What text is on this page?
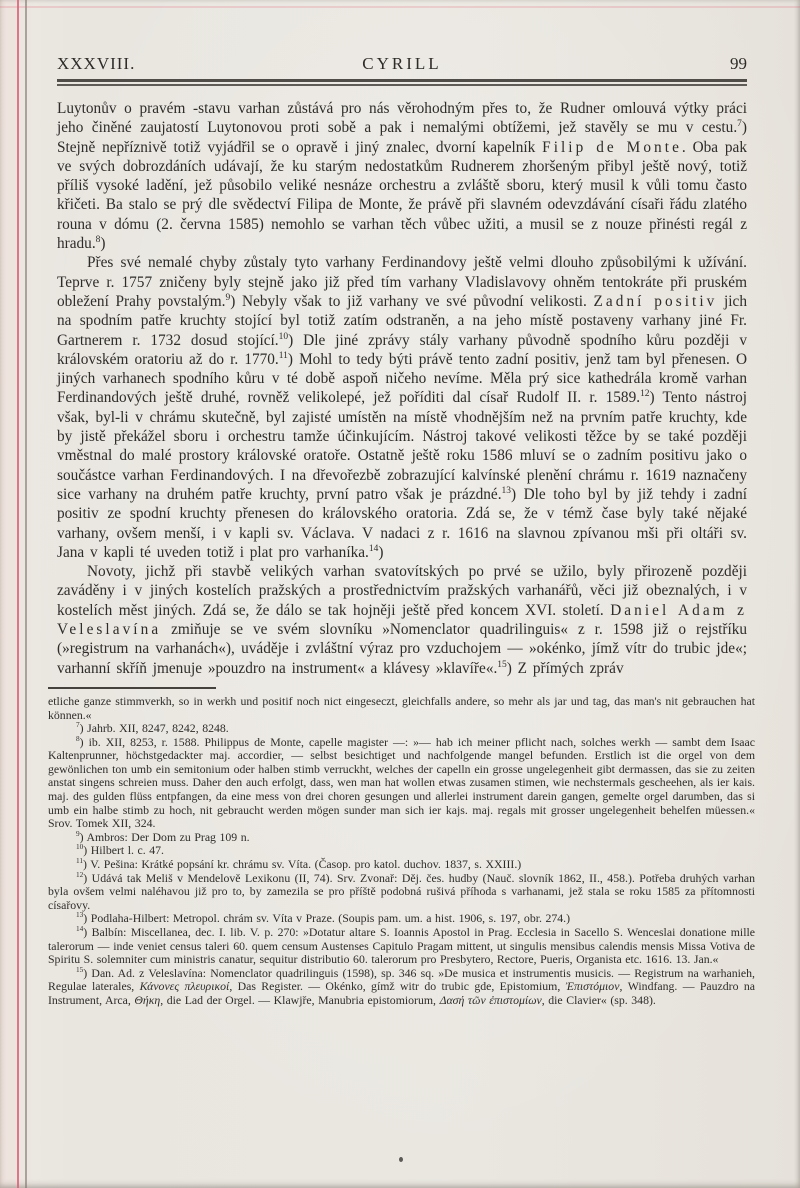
XXXVIII.	CYRILL	99

Luytonův o pravém -stavu varhan zůstává pro nás věrohodným přes to, že Rudner omlouvá výtky práci jeho činěné zaujatostí Luytonovou proti sobě a pak i nemalými obtížemi, jež stavěly se mu v cestu.$^7$) Stejně nepříznivě totiž vyjádřil se o opravě i jiný znalec, dvorní kapelník Filip de Monte. Oba pak ve svých dobrozdáních udávají, že ku starým nedostatkům Rudnerem zhoršeným přibyl ještě nový, totiž příliš vysoké ladění, jež působilo veliké nesnáze orchestru a zvláště sboru, který musil k vůli tomu často křičeti. Ba stalo se prý dle svědectví Filipa de Monte, že právě při slavném odevzdávání císaři řádu zlatého rouna v dómu (2. června 1585) nemohlo se varhan těch vůbec užiti, a musil se z nouze přinésti regál z hradu.$^8$)

Přes své nemalé chyby zůstaly tyto varhany Ferdinandovy ještě velmi dlouho způsobilými k užívání. Teprve r. 1757 zničeny byly stejně jako již před tím varhany Vladislavovy ohněm tentokráte při pruském obležení Prahy povstalým.$^9$) Nebyly však to již varhany ve své původní velikosti. Zadní positiv jich na spodním patře kruchty stojící byl totiž zatím odstraněn, a na jeho místě postaveny varhany jiné Fr. Gartnerem r. 1732 dosud stojící.$^{10}$) Dle jiné zprávy stály varhany původně spodního kůru později v královském oratoriu až do r. 1770.11) Mohl to tedy býti právě tento zadní positiv, jenž tam byl přenesen. O jiných varhanech spodního kůru v té době aspoň ničeho nevíme. Měla prý sice kathedrála kromě varhan Ferdinandových ještě druhé, rovněž velikolepé, jež poříditi dal císař Rudolf II. r. 1589.12) Tento nástroj však, byl-li v chrámu skutečně, byl zajisté umístěn na místě vhodnějším než na prvním patře kruchty, kde by jistě překážel sboru i orchestru tamže účinkujícím. Nástroj takové velikosti těžce by se také později vměstnal do malé prostory královské oratoře. Ostatně ještě roku 1586 mluví se o zadním positivu jako o součástce varhan Ferdinandových. I na dřevořezbě zobrazující kalvínské plenění chrámu r. 1619 naznačeny sice varhany na druhém patře kruchty, první patro však je prázdné.$^{13}$) Dle toho byl by již tehdy i zadní positiv ze spodní kruchty přenesen do královského oratoria. Zdá se, že v témž čase byly také nějaké varhany, ovšem menší, i v kapli sv. Václava. V nadaci z r. 1616 na slavnou zpívanou mši při oltáři sv. Jana v kapli té uveden totiž i plat pro varhaníka.$^{14}$)

Novoty, jichž při stavbě velikých varhan svatovítských po prvé se užilo, byly přirozeně později zaváděny i v jiných kostelích pražských a prostřednictvím pražských varhanářů, věci již obeznalých, i v kostelích měst jiných. Zdá se, že dálo se tak hojněji ještě před koncem XVI. století. Daniel Adam z Veleslavína zmiňuje se ve svém slovníku »Nomenclator quadrilinguis« z r. 1598 již o rejstříku (»registrum na varhanách«), uváděje i zvláštní výraz pro vzduchojem — »okénko, jímž vítr do trubic jde«; varhanní skříň jmenuje »pouzdro na instrument« a klávesy »klavíře«.$^{15}$) Z přímých zpráv

etliche ganze stimmverkh, so in werkh und positif noch nict eingeseczt, gleichfalls andere, so mehr als jar und tag, das man's nit gebrauchen hat können.«

$^7$) Jahrb. XII, 8247, 8242, 8248.

$^8$) ib. XII, 8253, r. 1588. Philippus de Monte, capelle magister —: »— hab ich meiner pflicht nach, solches werkh — sambt dem Isaac Kaltenprunner, höchstgedackter maj. accordier, — selbst besichtiget und nachfolgende mangel befunden. Erstlich ist die orgel von dem gewönlichen ton umb ein semitonium oder halben stimb verruckht, welches der capelln ein grosse ungelegenheit gibt dermassen, das sie zu zeiten anstat singens schreien muss. Daher den auch erfolgt, dass, wen man hat wollen etwas zusamen stimen, wie nechstermals gescheehen, als ier kais. maj. des gulden flüss entpfangen, da eine mess von drei choren gesungen und allerlei instrument darein gangen, gemelte orgel darumben, das si umb ein halbe stimb zu hoch, nit gebraucht werden mögen sunder man sich ier kajs. maj. regals mit grosser ungelegenheit behelfen müessen.« Srov. Tomek XII, 324.

$^9$) Ambros: Der Dom zu Prag 109 n.

$^{10}$) Hilbert l. c. 47.

$^{11}$) V. Pešina: Krátké popsání kr. chrámu sv. Víta. (Časop. pro katol. duchov. 1837, s. XXIII.)

$^{12}$) Udává tak Meliš v Mendelově Lexikonu (II, 74). Srv. Zvonař: Děj. čes. hudby (Nauč. slovník 1862, II., 458.). Potřeba druhých varhan byla ovšem velmi naléhavou již pro to, by zamezila se pro příště podobná rušivá příhoda s varhanami, jež stala se roku 1585 za přítomnosti císařovy.

$^{13}$) Podlaha-Hilbert: Metropol. chrám sv. Víta v Praze. (Soupis pam. um. a hist. 1906, s. 197, obr. 274.)

$^{14}$) Balbín: Miscellanea, dec. I. lib. V. p. 270: »Dotatur altare S. Ioannis Apostol in Prag. Ecclesia in Sacello S. Wenceslai donatione mille talerorum — inde veniet census taleri 60. quem censum Austenses Capitulo Pragam mittent, ut singulis mensibus calendis mensis Missa Votiva de Spiritu S. solemniter cum ministris canatur, sequitur distributio 60. talerorum pro Presbytero, Rectore, Pueris, Organista etc. 1616. 13. Jan.«

$^{15}$) Dan. Ad. z Veleslavína: Nomenclator quadrilinguis (1598), sp. 346 sq. »De musica et instrumentis musicis. — Registrum na warhanieh, Regulae laterales, Κάνονες πλευρικοί, Das Register. — Okénko, gímž witr do trubic gde, Epistomium, Ἐπιστόμιον, Windfang. — Pauzdro na Instrument, Arca, Θήκη, die Lad der Orgel. — Klawjře, Manubria epistomiorum, Δασή τῶν ἐπιστομίων, die Clavier« (sp. 348).
